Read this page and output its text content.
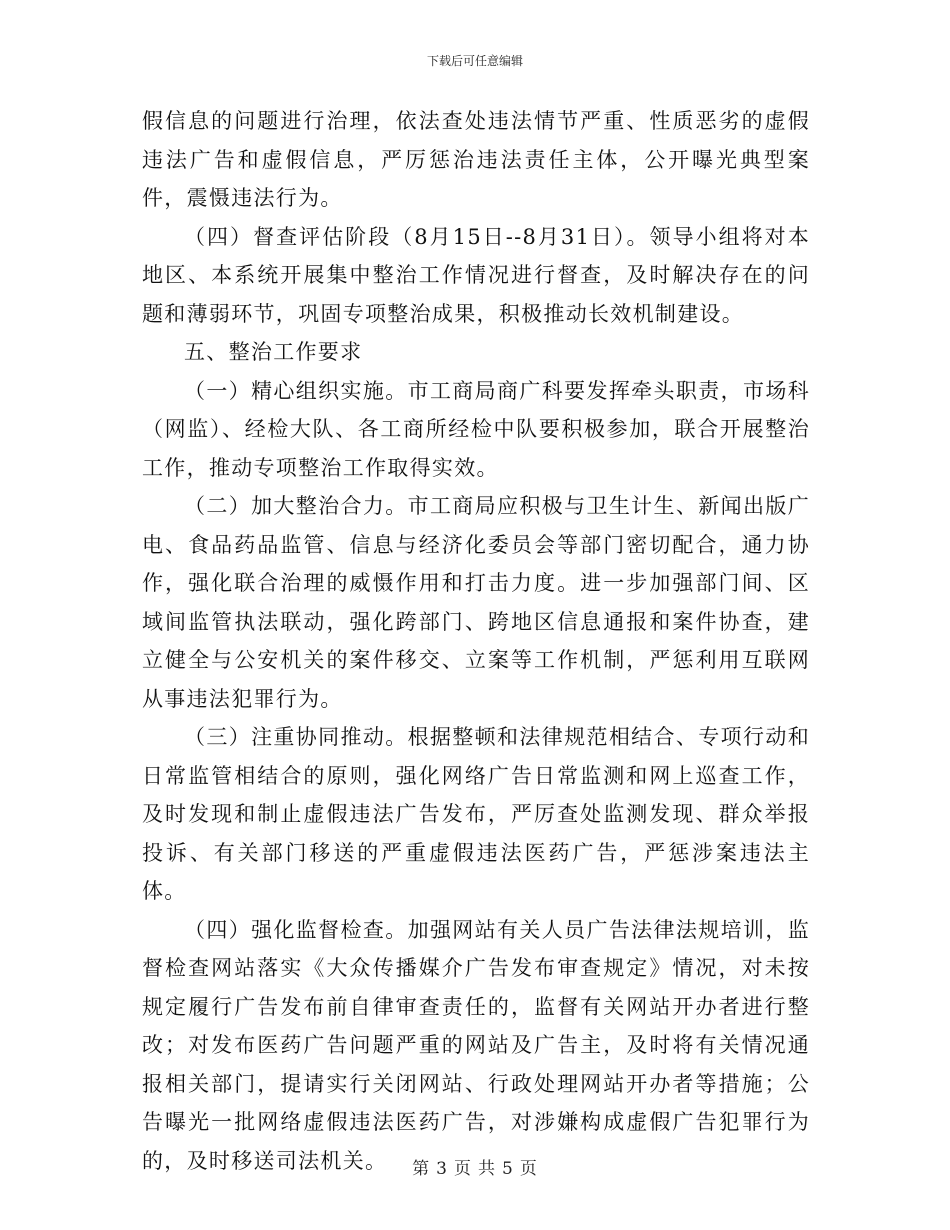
下载后可任意编辑

假信息的问题进行治理，依法查处违法情节严重、性质恶劣的虚假违法广告和虚假信息，严厉惩治违法责任主体，公开曝光典型案件，震慑违法行为。

（四）督查评估阶段（8月15日--8月31日）。领导小组将对本地区、本系统开展集中整治工作情况进行督查，及时解决存在的问题和薄弱环节，巩固专项整治成果，积极推动长效机制建设。

五、整治工作要求

（一）精心组织实施。市工商局商广科要发挥牵头职责，市场科（网监）、经检大队、各工商所经检中队要积极参加，联合开展整治工作，推动专项整治工作取得实效。

（二）加大整治合力。市工商局应积极与卫生计生、新闻出版广电、食品药品监管、信息与经济化委员会等部门密切配合，通力协作，强化联合治理的威慑作用和打击力度。进一步加强部门间、区域间监管执法联动，强化跨部门、跨地区信息通报和案件协查，建立健全与公安机关的案件移交、立案等工作机制，严惩利用互联网从事违法犯罪行为。

（三）注重协同推动。根据整顿和法律规范相结合、专项行动和日常监管相结合的原则，强化网络广告日常监测和网上巡查工作，及时发现和制止虚假违法广告发布，严厉查处监测发现、群众举报投诉、有关部门移送的严重虚假违法医药广告，严惩涉案违法主体。

（四）强化监督检查。加强网站有关人员广告法律法规培训，监督检查网站落实《大众传播媒介广告发布审查规定》情况，对未按规定履行广告发布前自律审查责任的，监督有关网站开办者进行整改；对发布医药广告问题严重的网站及广告主，及时将有关情况通报相关部门，提请实行关闭网站、行政处理网站开办者等措施；公告曝光一批网络虚假违法医药广告，对涉嫌构成虚假广告犯罪行为的，及时移送司法机关。	第 3 页 共 5 页
